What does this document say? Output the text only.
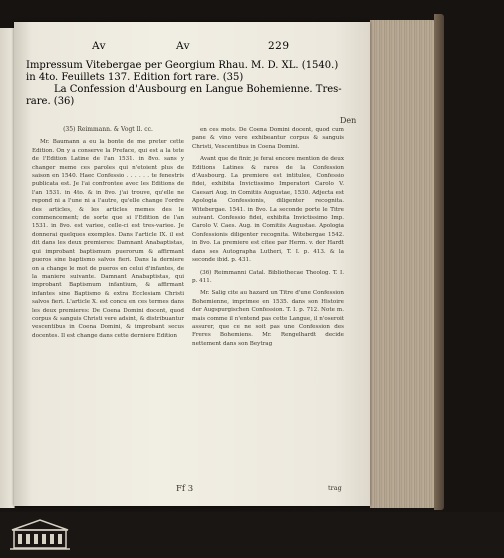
Av	Av	229
Impressum Vitebergae per Georgium Rhau. M. D. XL. (1540.)
in 4to. Feuillets 137. Edition fort rare. (35)
La Confession d'Ausbourg en Langue Bohemienne. Tres-
rare. (36)
Den

(35) Reimmann. & Vogt ll. cc.

Mr. Baumann a eu la bonte de me preter cette Edition. On y a conserve la Preface, qui est a la tete de l'Edition Latine de l'an 1531. in 8vo. sans y changer meme ces paroles qui n'etoient plus de saison en 1540. Haec Confessio . . . . . . te fenestris publicata est. Je l'ai confrontee avec les Editions de l'an 1531. in 4to. & in 8vo. j'ai trouve, qu'elle ne repond ni a l'une ni a l'autre, qu'elle change l'ordre des articles, & les articles memes des le commencement; de sorte que si l'Edition de l'an 1531. in 8vo. est variee, celle-ci est tres-variee. Je donnerai quelques exemples. Dans l'article IX. il est dit dans les deux premieres: Damnant Anabaptistas, qui improbant baptismum puerorum & affirmant pueros sine baptismo salvos fieri. Dans la derniere on a change le mot de pueros en celui d'infantes, de la maniere suivante. Damnant Anabaptistas, qui improbant Baptismum infantium, & affirmant infantes sine Baptismo & extra Ecclesiam Christi salvos fieri. L'article X. est concu en ces termes dans les deux premieres: De Coena Domini docent, quod corpus & sanguis Christi vere adsint, & distribuantur vescentibus in Coena Domini, & improbant secus docentes. Il est change dans cette derniere Edition

en ces mots. De Coena Domini docent, quod cum pane & vino vere exhibeantur corpus & sanguis Christi, Vescentibus in Coena Domini.

Avant que de finir, je ferai encore mention de deux Editions Latines & rares de la Confession d'Ausbourg. La premiere est intitulee, Confessio fidei, exhibita Invictissimo Imperatori Carolo V. Caesari Aug. in Comitiis Augustae, 1530. Adjecta est Apologia Confessionis, diligenter recognita. Witebergae. 1541. in 8vo. La seconde porte le Titre suivant. Confessio fidei, exhibita Invictissimo Imp. Carolo V. Caes. Aug. in Comitiis Augustae. Apologia Confessionis diligenter recognita. Witebergae 1542. in 8vo. La premiere est citee par Herm. v. der Hardt dans ses Autographa Lutheri, T. I. p. 413. & la seconde ibid. p. 431.

(36) Reimmanni Catal. Bibliothecae Theolog. T. I. p. 411.

Mr. Salig cite au hazard un Titre d'une Confession Bohemienne, imprimee en 1535. dans son Histoire der Augspurgischen Confession. T. I. p. 712. Note m. mais comme il n'entend pas cette Langue, il n'oseroit assurer, que ce ne soit pas une Confession des Freres Bohemiens. Mr. Rengelhardt decide nettement dans son Beytrag

Ff 3	trag
